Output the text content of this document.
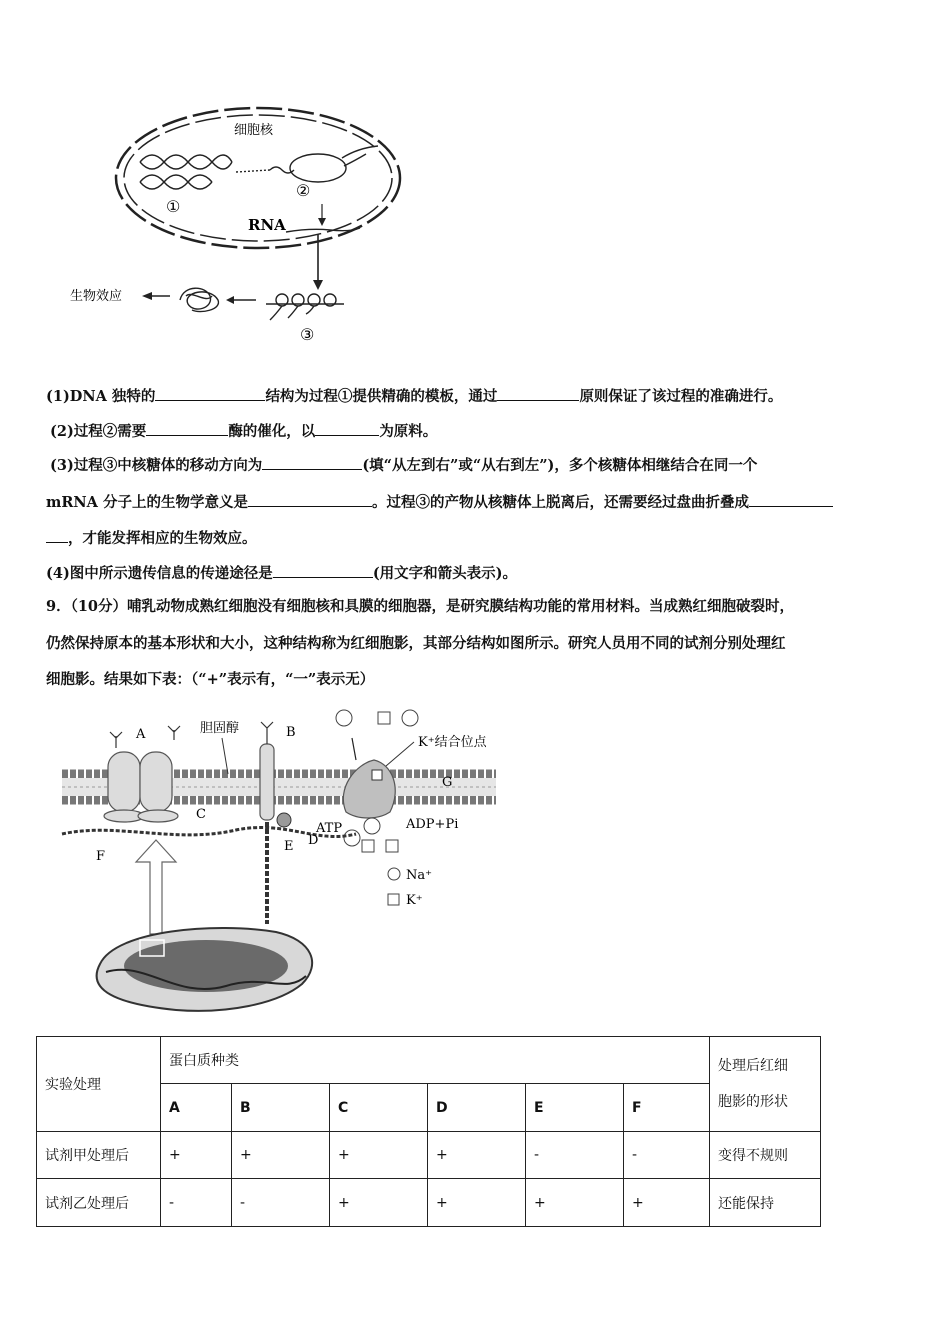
①
②
细胞核
RNA
③
生物效应
(1)DNA 独特的	结构为过程①提供精确的模板，通过	原则保证了该过程的准确进行。
(2)过程②需要	酶的催化，以	为原料。
(3)过程③中核糖体的移动方向为	(填“从左到右”或“从右到左”)，多个核糖体相继结合在同一个
mRNA 分子上的生物学意义是	。过程③的产物从核糖体上脱离后，还需要经过盘曲折叠成
，才能发挥相应的生物效应。
(4)图中所示遗传信息的传递途径是	(用文字和箭头表示)。
9．（10分）哺乳动物成熟红细胞没有细胞核和具膜的细胞器，是研究膜结构功能的常用材料。当成熟红细胞破裂时，
仍然保持原本的基本形状和大小，这种结构称为红细胞影，其部分结构如图所示。研究人员用不同的试剂分别处理红
细胞影。结果如下表：（“+”表示有，“一”表示无）
A	胆固醇	B
K⁺结合位点
G
ATP	ADP+Pi
C
F
D
E
Na⁺
K⁺
实验处理	蛋白质种类						处理后红细
胞影的形状
	A	B	C	D	E	F	
试剂甲处理后	+	+	+	+	-	-	变得不规则
试剂乙处理后	-	-	+	+	+	+	还能保持
